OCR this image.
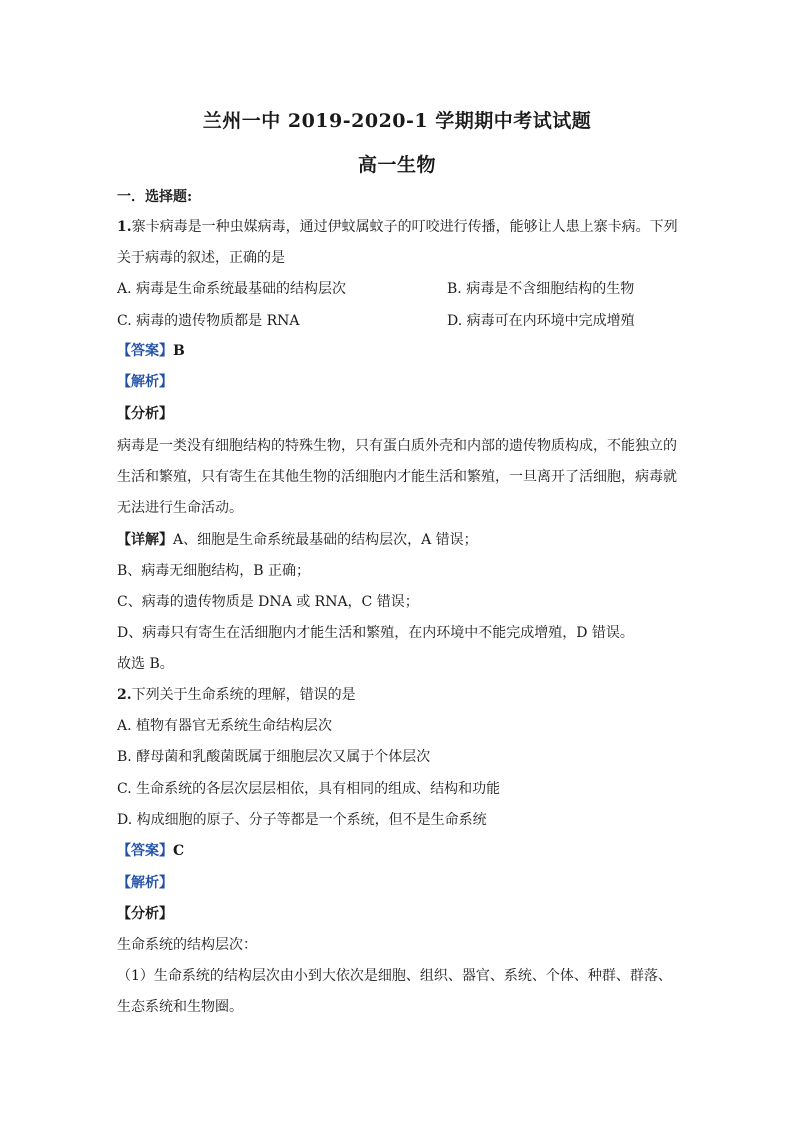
兰州一中 2019-2020-1 学期期中考试试题
高一生物
一．选择题:
1.寨卡病毒是一种虫媒病毒，通过伊蚊属蚊子的叮咬进行传播，能够让人患上寨卡病。下列
关于病毒的叙述，正确的是
A. 病毒是生命系统最基础的结构层次	B. 病毒是不含细胞结构的生物
C. 病毒的遗传物质都是 RNA	D. 病毒可在内环境中完成增殖
【答案】B
【解析】
【分析】
病毒是一类没有细胞结构的特殊生物，只有蛋白质外壳和内部的遗传物质构成，不能独立的
生活和繁殖，只有寄生在其他生物的活细胞内才能生活和繁殖，一旦离开了活细胞，病毒就
无法进行生命活动。
【详解】A、细胞是生命系统最基础的结构层次，A 错误；
B、病毒无细胞结构，B 正确；
C、病毒的遗传物质是 DNA 或 RNA，C 错误；
D、病毒只有寄生在活细胞内才能生活和繁殖，在内环境中不能完成增殖，D 错误。
故选 B。
2.下列关于生命系统的理解，错误的是
A. 植物有器官无系统生命结构层次
B. 酵母菌和乳酸菌既属于细胞层次又属于个体层次
C. 生命系统的各层次层层相依，具有相同的组成、结构和功能
D. 构成细胞的原子、分子等都是一个系统，但不是生命系统
【答案】C
【解析】
【分析】
生命系统的结构层次：
（1）生命系统的结构层次由小到大依次是细胞、组织、器官、系统、个体、种群、群落、
生态系统和生物圈。
